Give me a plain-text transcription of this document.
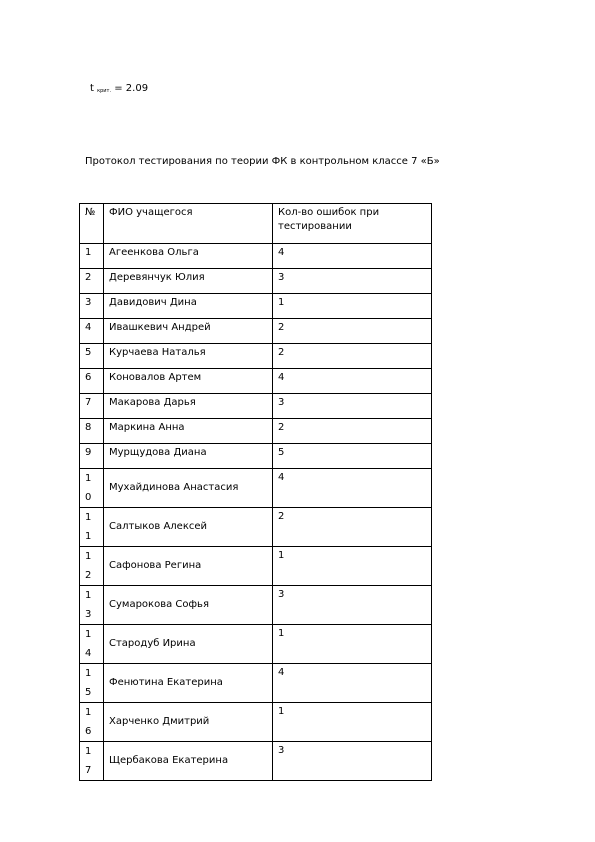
t $_{крит.}$ = 2.09
Протокол тестирования по теории ФК в контрольном классе 7 «Б»
№	ФИО учащегося	Кол-во ошибок при тестировании

1	Агеенкова Ольга	4

2	Деревянчук Юлия	3

3	Давидович Дина	1

4	Ивашкевич Андрей	2

5	Курчаева Наталья	2

6	Коновалов Артем	4

7	Макарова Дарья	3

8	Маркина Анна	2

9	Мурщудова Диана	5

10	Мухайдинова Анастасия	4

11	Салтыков Алексей	2

12	Сафонова Регина	1

13	Сумарокова Софья	3

14	Стародуб Ирина	1

15	Фенютина Екатерина	4

16	Харченко Дмитрий	1

17	Щербакова Екатерина	3
